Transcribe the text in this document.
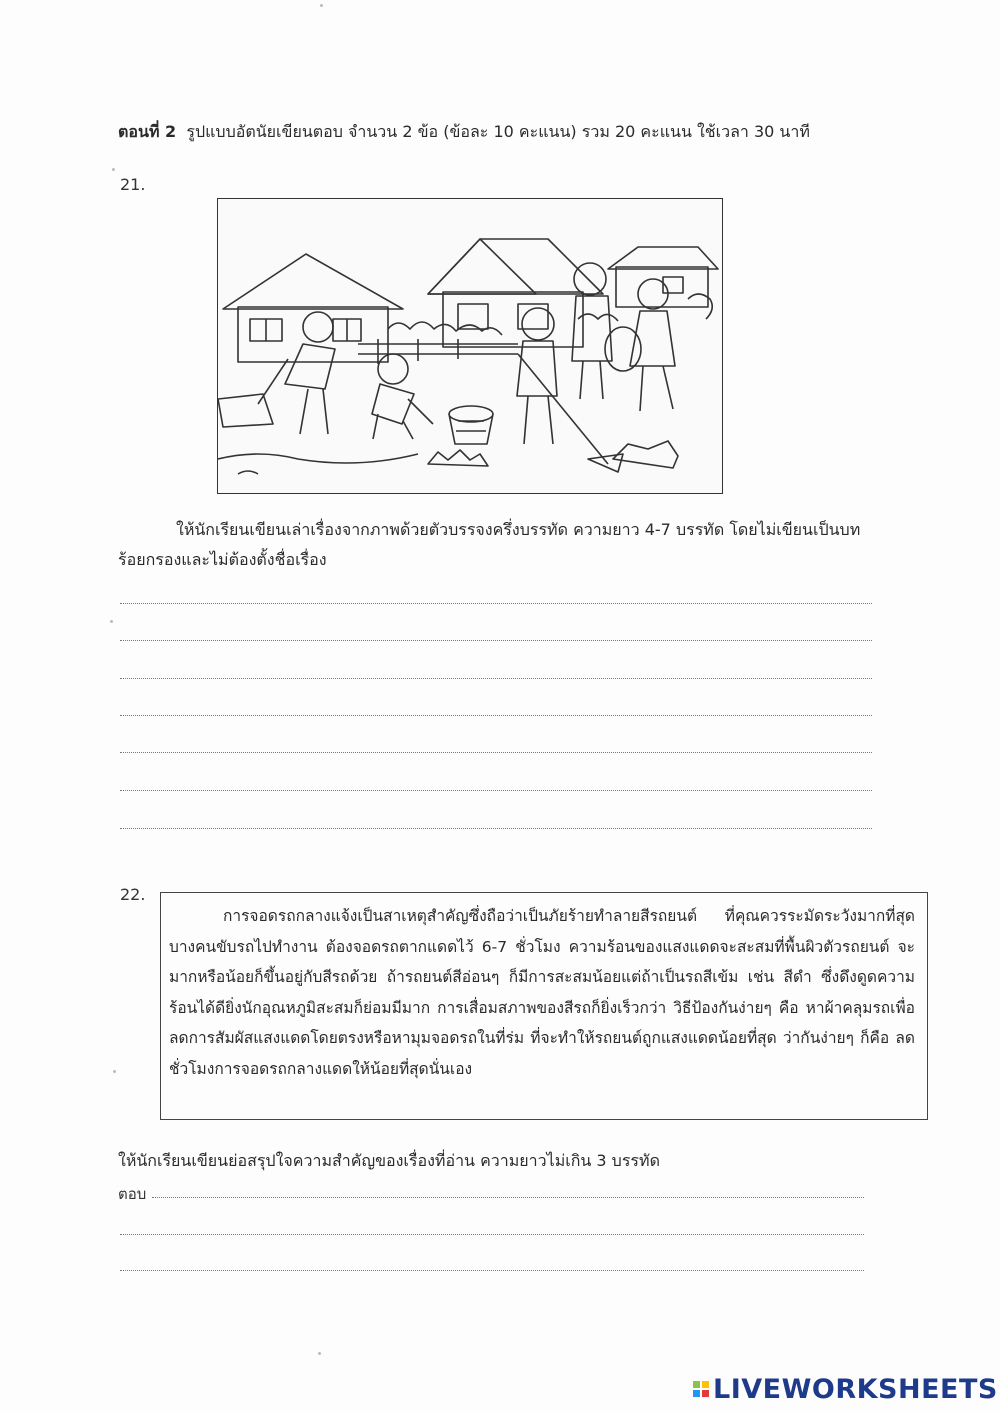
ตอนที่ 2 รูปแบบอัตนัยเขียนตอบ จำนวน 2 ข้อ (ข้อละ 10 คะแนน) รวม 20 คะแนน ใช้เวลา 30 นาที
21.
ให้นักเรียนเขียนเล่าเรื่องจากภาพด้วยตัวบรรจงครึ่งบรรทัด ความยาว 4-7 บรรทัด โดยไม่เขียนเป็นบทร้อยกรองและไม่ต้องตั้งชื่อเรื่อง
22.

การจอดรถกลางแจ้งเป็นสาเหตุสำคัญซึ่งถือว่าเป็นภัยร้ายทำลายสีรถยนต์ ที่คุณควรระมัดระวังมากที่สุด บางคนขับรถไปทำงาน ต้องจอดรถตากแดดไว้ 6-7 ชั่วโมง ความร้อนของแสงแดดจะสะสมที่พื้นผิวตัวรถยนต์ จะมากหรือน้อยก็ขึ้นอยู่กับสีรถด้วย ถ้ารถยนต์สีอ่อนๆ ก็มีการสะสมน้อยแต่ถ้าเป็นรถสีเข้ม เช่น สีดำ ซึ่งดึงดูดความร้อนได้ดียิ่งนักอุณหภูมิสะสมก็ย่อมมีมาก การเสื่อมสภาพของสีรถก็ยิ่งเร็วกว่า วิธีป้องกันง่ายๆ คือ หาผ้าคลุมรถเพื่อลดการสัมผัสแสงแดดโดยตรงหรือหามุมจอดรถในที่ร่ม ที่จะทำให้รถยนต์ถูกแสงแดดน้อยที่สุด ว่ากันง่ายๆ ก็คือ ลดชั่วโมงการจอดรถกลางแดดให้น้อยที่สุดนั่นเอง

ให้นักเรียนเขียนย่อสรุปใจความสำคัญของเรื่องที่อ่าน ความยาวไม่เกิน 3 บรรทัด
ตอบ
LIVEWORKSHEETS
